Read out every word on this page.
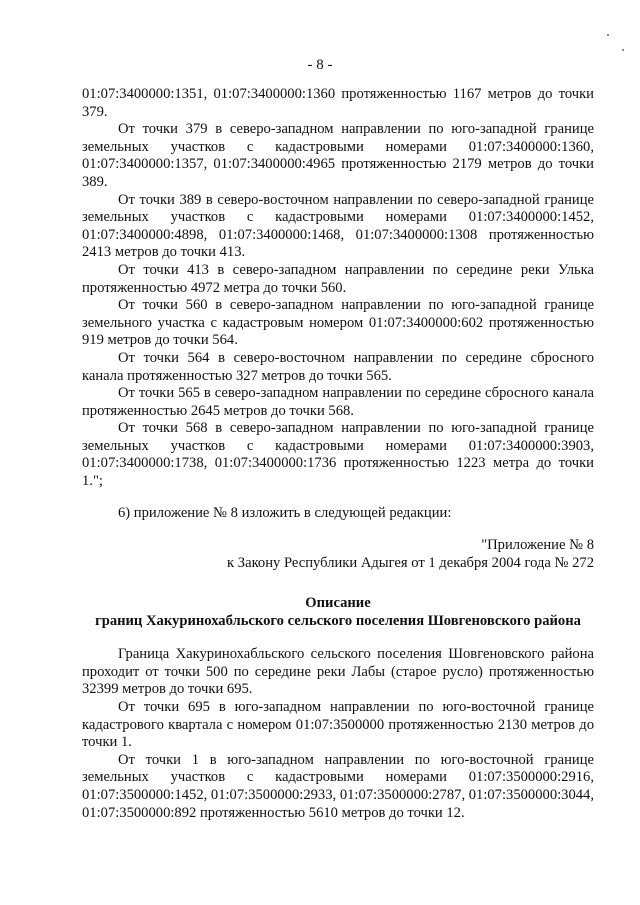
- 8 -

01:07:3400000:1351, 01:07:3400000:1360 протяженностью 1167 метров до точки 379.

От точки 379 в северо-западном направлении по юго-западной границе земельных участков с кадастровыми номерами 01:07:3400000:1360, 01:07:3400000:1357, 01:07:3400000:4965 протяженностью 2179 метров до точки 389.

От точки 389 в северо-восточном направлении по северо-западной границе земельных участков с кадастровыми номерами 01:07:3400000:1452, 01:07:3400000:4898, 01:07:3400000:1468, 01:07:3400000:1308 протяженностью 2413 метров до точки 413.

От точки 413 в северо-западном направлении по середине реки Улька протяженностью 4972 метра до точки 560.

От точки 560 в северо-западном направлении по юго-западной границе земельного участка с кадастровым номером 01:07:3400000:602 протяженностью 919 метров до точки 564.

От точки 564 в северо-восточном направлении по середине сбросного канала протяженностью 327 метров до точки 565.

От точки 565 в северо-западном направлении по середине сбросного канала протяженностью 2645 метров до точки 568.

От точки 568 в северо-западном направлении по юго-западной границе земельных участков с кадастровыми номерами 01:07:3400000:3903, 01:07:3400000:1738, 01:07:3400000:1736 протяженностью 1223 метра до точки 1.";

6) приложение № 8 изложить в следующей редакции:

"Приложение № 8
к Закону Республики Адыгея от 1 декабря 2004 года № 272
Описание
границ Хакуринохабльского сельского поселения Шовгеновского района

Граница Хакуринохабльского сельского поселения Шовгеновского района проходит от точки 500 по середине реки Лабы (старое русло) протяженностью 32399 метров до точки 695.

От точки 695 в юго-западном направлении по юго-восточной границе кадастрового квартала с номером 01:07:3500000 протяженностью 2130 метров до точки 1.

От точки 1 в юго-западном направлении по юго-восточной границе земельных участков с кадастровыми номерами 01:07:3500000:2916, 01:07:3500000:1452, 01:07:3500000:2933, 01:07:3500000:2787, 01:07:3500000:3044, 01:07:3500000:892 протяженностью 5610 метров до точки 12.
